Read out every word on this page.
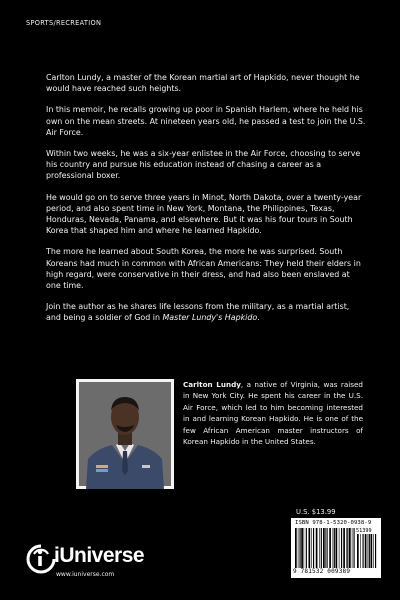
SPORTS/RECREATION

Carlton Lundy, a master of the Korean martial art of Hapkido, never thought he would have reached such heights.

In this memoir, he recalls growing up poor in Spanish Harlem, where he held his own on the mean streets. At nineteen years old, he passed a test to join the U.S. Air Force.

Within two weeks, he was a six-year enlistee in the Air Force, choosing to serve his country and pursue his education instead of chasing a career as a professional boxer.

He would go on to serve three years in Minot, North Dakota, over a twenty-year period, and also spent time in New York, Montana, the Philippines, Texas, Honduras, Nevada, Panama, and elsewhere. But it was his four tours in South Korea that shaped him and where he learned Hapkido.

The more he learned about South Korea, the more he was surprised. South Koreans had much in common with African Americans: They held their elders in high regard, were conservative in their dress, and had also been enslaved at one time.

Join the author as he shares life lessons from the military, as a martial artist, and being a soldier of God in Master Lundy's Hapkido.

Carlton Lundy, a native of Virginia, was raised in New York City. He spent his career in the U.S. Air Force, which led to him becoming interested in and learning Korean Hapkido. He is one of the few African American master instructors of Korean Hapkido in the United States.
U.S. $13.99
ISBN 978-1-5320-0938-9
51399
9 781532 009389
iUniverse
www.iuniverse.com
